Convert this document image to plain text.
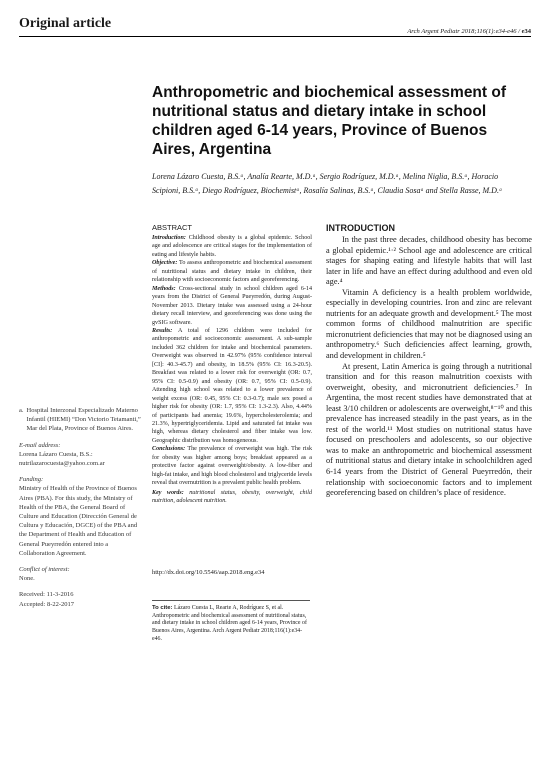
Original article
Arch Argent Pediatr 2018;116(1):e34-e46 / e34
Anthropometric and biochemical assessment of nutritional status and dietary intake in school children aged 6-14 years, Province of Buenos Aires, Argentina
Lorena Lázaro Cuesta, B.S.ᵃ, Analía Rearte, M.D.ᵃ, Sergio Rodríguez, M.D.ᵃ, Melina Niglia, B.S.ᵃ, Horacio Scipioni, B.S.ᵃ, Diego Rodríguez, Biochemistᵃ, Rosalía Salinas, B.S.ᵃ, Claudia Sosaᵃ and Stella Rasse, M.D.ᵃ
ABSTRACT

Introduction: Childhood obesity is a global epidemic. School age and adolescence are critical stages for the implementation of eating and lifestyle habits.

Objective: To assess anthropometric and biochemical assessment of nutritional status and dietary intake in children, their relationship with socioeconomic factors and georeferencing.

Methods: Cross-sectional study in school children aged 6-14 years from the District of General Pueyrredón, during August-November 2013. Dietary intake was assessed using a 24-hour dietary recall interview, and georeferencing was done using the gvSIG software.

Results: A total of 1296 children were included for anthropometric and socioeconomic assessment. A sub-sample included 362 children for intake and biochemical parameters. Overweight was observed in 42.97% (95% confidence interval [CI]: 40.3-45.7) and obesity, in 18.5% (95% CI: 16.3-20.5). Breakfast was related to a lower risk for overweight (OR: 0.7, 95% CI: 0.5-0.9) and obesity (OR: 0.7, 95% CI: 0.5-0.9). Attending high school was related to a lower prevalence of weight excess (OR: 0.45, 95% CI: 0.3-0.7); male sex posed a higher risk for obesity (OR: 1.7, 95% CI: 1.3-2.3). Also, 4.44% of participants had anemia; 19.6%, hypercholesterolemia; and 21.3%, hypertriglyceridemia. Lipid and saturated fat intake was high, whereas dietary cholesterol and fiber intake was low. Geographic distribution was homogeneous.

Conclusions: The prevalence of overweight was high. The risk for obesity was higher among boys; breakfast appeared as a protective factor against overweight/obesity. A low-fiber and high-fat intake, and high blood cholesterol and triglyceride levels reveal that overnutrition is a prevalent public health problem.

Key words: nutritional status, obesity, overweight, child nutrition, adolescent nutrition.

http://dx.doi.org/10.5546/aap.2018.eng.e34
To cite: Lázaro Cuesta L, Rearte A, Rodríguez S, et al. Anthropometric and biochemical assessment of nutritional status, and dietary intake in school children aged 6-14 years, Province of Buenos Aires, Argentina. Arch Argent Pediatr 2018;116(1):e34-e46.
a. Hospital Interzonal Especializado Materno Infantil (HIEMI) “Don Victorio Tetamanti,” Mar del Plata, Province of Buenos Aires.
E-mail address:
Lorena Lázaro Cuesta, B.S.: nutrilazarocuesta@yahoo.com.ar
Funding:
Ministry of Health of the Province of Buenos Aires (PBA). For this study, the Ministry of Health of the PBA, the General Board of Culture and Education (Dirección General de Cultura y Educación, DGCE) of the PBA and the Department of Health and Education of General Pueyrredón entered into a Collaboration Agreement.
Conflict of interest:
None.
Received: 11-3-2016
Accepted: 8-22-2017
INTRODUCTION

In the past three decades, childhood obesity has become a global epidemic.¹·² School age and adolescence are critical stages for shaping eating and lifestyle habits that will last later in life and have an effect during adulthood and even old age.⁴

Vitamin A deficiency is a health problem worldwide, especially in developing countries. Iron and zinc are relevant nutrients for an adequate growth and development.⁵ The most common forms of childhood malnutrition are specific micronutrient deficiencies that may not be diagnosed using an anthropometry.⁶ Such deficiencies affect learning, growth, and development in children.⁵

At present, Latin America is going through a nutritional transition and for this reason malnutrition coexists with overweight, obesity, and micronutrient deficiencies.⁷ In Argentina, the most recent studies have demonstrated that at least 3/10 children or adolescents are overweight,⁸⁻¹⁰ and this prevalence has increased steadily in the past years, as in the rest of the world.¹¹ Most studies on nutritional status have focused on preschoolers and adolescents, so our objective was to make an anthropometric and biochemical assessment of nutritional status and dietary intake in schoolchildren aged 6-14 years from the District of General Pueyrredón, their relationship with socioeconomic factors and to implement georeferencing based on children’s place of residence.
